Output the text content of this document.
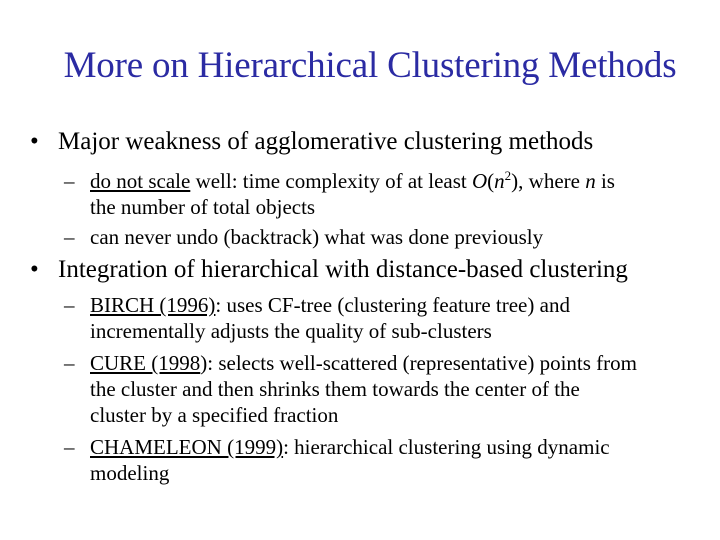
More on Hierarchical Clustering Methods
• Major weakness of agglomerative clustering methods
– do not scale well: time complexity of at least $O(n^2)$, where n is
the number of total objects
– can never undo (backtrack) what was done previously
• Integration of hierarchical with distance-based clustering
– BIRCH (1996): uses CF-tree (clustering feature tree) and
incrementally adjusts the quality of sub-clusters
– CURE (1998): selects well-scattered (representative) points from
the cluster and then shrinks them towards the center of the
cluster by a specified fraction
– CHAMELEON (1999): hierarchical clustering using dynamic
modeling
